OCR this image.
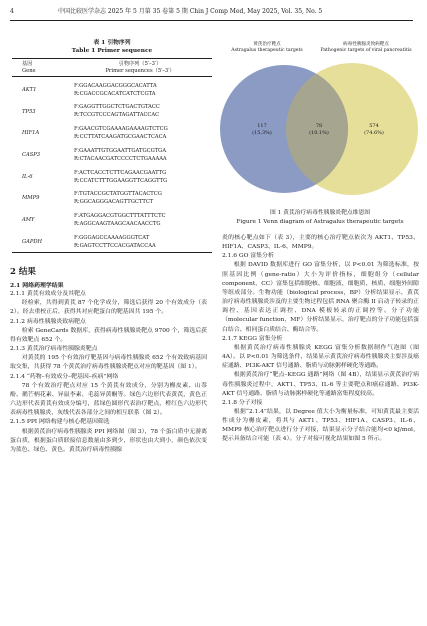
4	中国比较医学杂志 2025 年 5 月第 35 卷第 5 期 Chin J Comp Med, May 2025, Vol. 35, No. 5
表 1 引物序列
Table 1 Primer sequence
基因
Gene
引物序列（5′–3′）
Primer sequences（5′–3′）
AKT1
F:GGACAAGGACGGGCACATTA
R:CGACCGCACATCATCTCGTA
TP53
F:GAGGTTGGCTCTGACTGTACC
R:TCCGTCCCAGTAGATTACCAC
HIF1A
F:GAACGTCGAAAAGAAAAGTCTCG
R:CCTTATCAAGATGCGAACTCACA
CASP3
F:GAAATTGTGGAATTGATGCGTGA
R:CTACAACGATCCCCTCTGAAAAA
IL-6
F:ACTCACCTCTTCAGAACGAATTG
R:CCATCTTTGGAAGGTTCAGGTTG
MMP9
F:TGTACCGCTATGGTTACACTCG
R:GGCAGGGACAGTTGCTTCT
AMY
F:ATGAGGACGTGGCTTTATTTCTC
R:AGGCAAGTAAGCAACAACCTG
GAPDH
F:GGGAGCCAAAAGGGTCAT
R:GAGTCCTTCCACGATACCAA
2 结果

2.1 网络药理学结果

2.1.1 黄芪有效成分及其靶点

经检索，共得到黄芪 87 个化学成分，筛选后获得 20 个有效成分（表 2）。经去重校正后，获得其对应靶蛋白的靶基因共 195 个。

2.1.2 病毒性胰腺炎致病靶点

检索 GeneCards 数据库，获得病毒性胰腺炎靶点 9700 个，筛选后获得有效靶点 652 个。

2.1.3 黄芪治疗病毒性胰腺炎靶点

对黄芪的 195 个有效治疗靶基因与病毒性胰腺炎 652 个有效致病基因取交集，共获得 78 个黄芪治疗病毒性胰腺炎靶点对应的靶基因（图 1）。

2.1.4 “药物–有效成分–靶基因–疾病”网络

78 个有效治疗靶点对应 15 个黄芪有效成分，分别为槲皮素、山萘酚、鹅芒柄花素、异鼠李素、毛蕊异黄酮等。绿色六边形代表黄芪，黄色正六边形代表黄芪有效成分编号，蓝绿色圆形代表治疗靶点，橙红色六边形代表病毒性胰腺炎，灰线代表各部分之间的相互联系（图 2）。

2.1.5 PPI 网络构建与核心靶基因筛选

根据黄芪治疗病毒性胰腺炎 PPI 网络图（图 3），78 个蛋白质中无游离蛋白质，根据蛋白质联接信息数量由多到少，形状也由大到小，颜色依次变为蓝色、绿色、黄色。黄芪治疗病毒性胰腺

黄芪治疗靶点
Astragalus therapeutic targets
病毒性胰腺炎致病靶点
Pathogenic targets of viral pancreatitis
117
(15.3%)
78
(10.1%)
574
(74.6%)
图 1 黄芪治疗病毒性胰腺炎靶点维恩图
Figure 1 Venn diagram of Astragalus therapeutic targets

炎的核心靶点如下（表 3），主要的核心治疗靶点依次为 AKT1、TP53、HIF1A、CASP3、IL-6、MMP9。

2.1.6 GO 富集分析

根据 DAVID 数据库进行 GO 富集分析，以 P<0.01 为筛选标准，按照基因比例（gene-ratio）大小为评价指标，细胞组分（cellular component，CC）富集包括细胞核、细胞液、细胞质、核质、细胞外间隙等组成部分。生物功能（biological process，BP）分析结果显示，黄芪治疗病毒性胰腺炎涉及的主要生物过程包括 RNA 聚合酶 II 启动子转录的正调控、基因表达正调控、DNA 模板转录的正调控等。分子功能（molecular function，MF）分析结果显示，治疗靶点的分子功能包括蛋白结合、相同蛋白质结合、酶结合等。

2.1.7 KEGG 富集分析

根据黄芪治疗病毒性胰腺炎 KEGG 富集分析数据制作气泡图（图 4A）。以 P<0.01 为筛选条件，结果显示黄芪治疗病毒性胰腺炎主要涉及癌症通路、PI3K-AKT 信号通路、脂质与动脉粥样硬化等通路。

根据黄芪治疗“靶点–KEGG 通路”网络（图 4B），结果显示黄芪治疗病毒性胰腺炎过程中，AKT1、TP53、IL-6 等主要靶点和癌症通路、PI3K-AKT 信号通路、脂质与动脉粥样硬化等通路富集程度较高。

2.1.8 分子对接

根据“2.1.4”结果，以 Degree 值大小为衡量标准，可知黄芪最主要活性成分为槲皮素，将其与 AKT1、TP53、HIF1A、CASP3、IL-6、MMP9 核心治疗靶点进行分子对接，结果显示分子结合能均<0 kJ/mol，提示具备结合可能（表 4）。分子对接可视化结果如图 5 所示。
